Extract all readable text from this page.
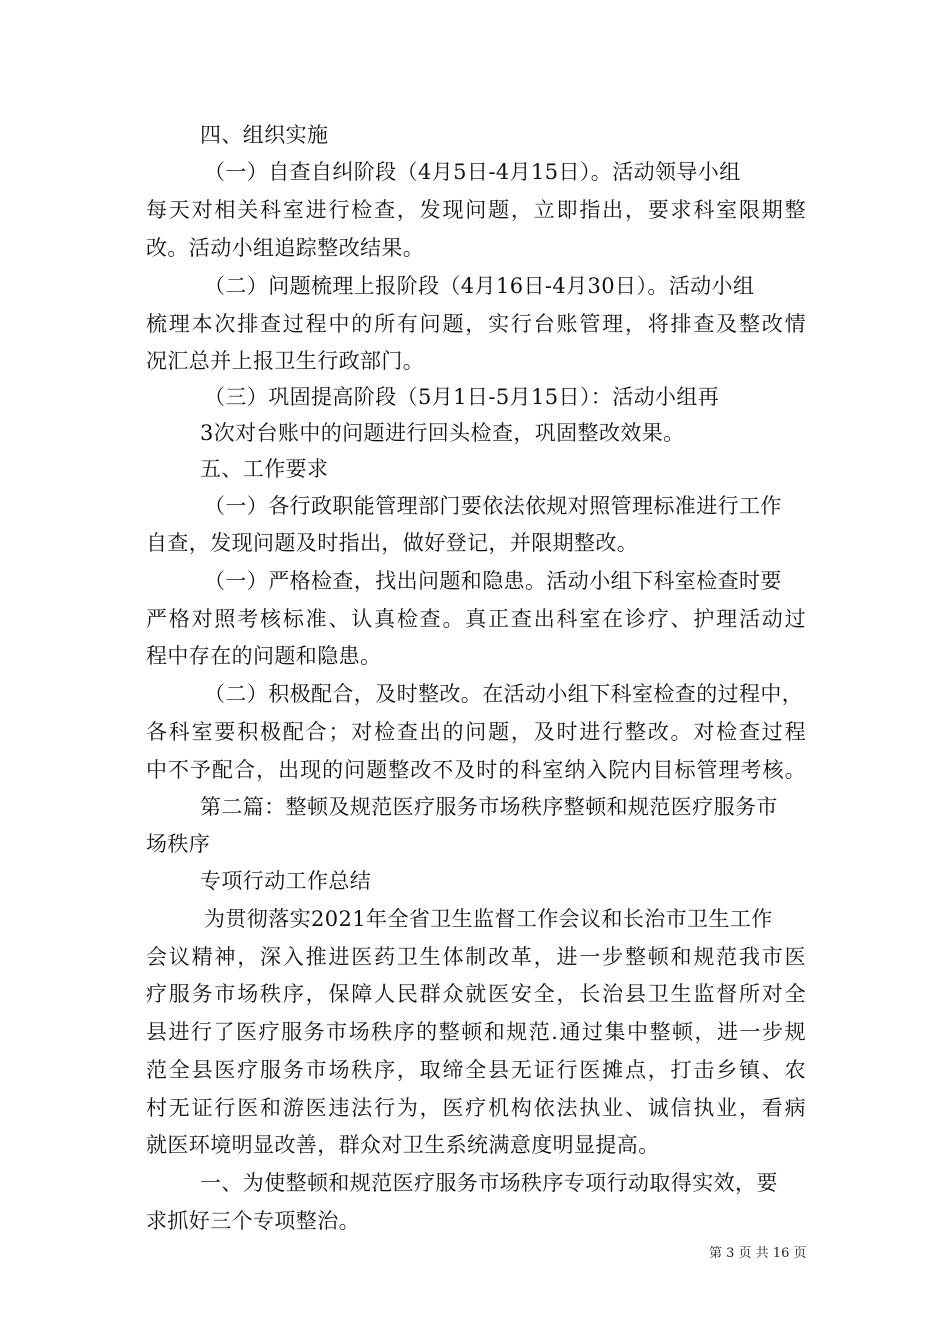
四、组织实施
（一）自查自纠阶段（4月5日-4月15日）。活动领导小组
每天对相关科室进行检查，发现问题，立即指出，要求科室限期整
改。活动小组追踪整改结果。
（二）问题梳理上报阶段（4月16日-4月30日）。活动小组
梳理本次排查过程中的所有问题，实行台账管理，将排查及整改情
况汇总并上报卫生行政部门。
（三）巩固提高阶段（5月1日-5月15日）：活动小组再
3次对台账中的问题进行回头检查，巩固整改效果。
五、工作要求
（一）各行政职能管理部门要依法依规对照管理标准进行工作
自查，发现问题及时指出，做好登记，并限期整改。
（一）严格检查，找出问题和隐患。活动小组下科室检查时要
严格对照考核标准、认真检查。真正查出科室在诊疗、护理活动过
程中存在的问题和隐患。
（二）积极配合，及时整改。在活动小组下科室检查的过程中，
各科室要积极配合；对检查出的问题，及时进行整改。对检查过程
中不予配合，出现的问题整改不及时的科室纳入院内目标管理考核。
第二篇：整顿及规范医疗服务市场秩序整顿和规范医疗服务市
场秩序
专项行动工作总结
为贯彻落实2021年全省卫生监督工作会议和长治市卫生工作
会议精神，深入推进医药卫生体制改革，进一步整顿和规范我市医
疗服务市场秩序，保障人民群众就医安全，长治县卫生监督所对全
县进行了医疗服务市场秩序的整顿和规范.通过集中整顿，进一步规
范全县医疗服务市场秩序，取缔全县无证行医摊点，打击乡镇、农
村无证行医和游医违法行为，医疗机构依法执业、诚信执业，看病
就医环境明显改善，群众对卫生系统满意度明显提高。
一、为使整顿和规范医疗服务市场秩序专项行动取得实效，要
求抓好三个专项整治。
第 3 页 共 16 页
